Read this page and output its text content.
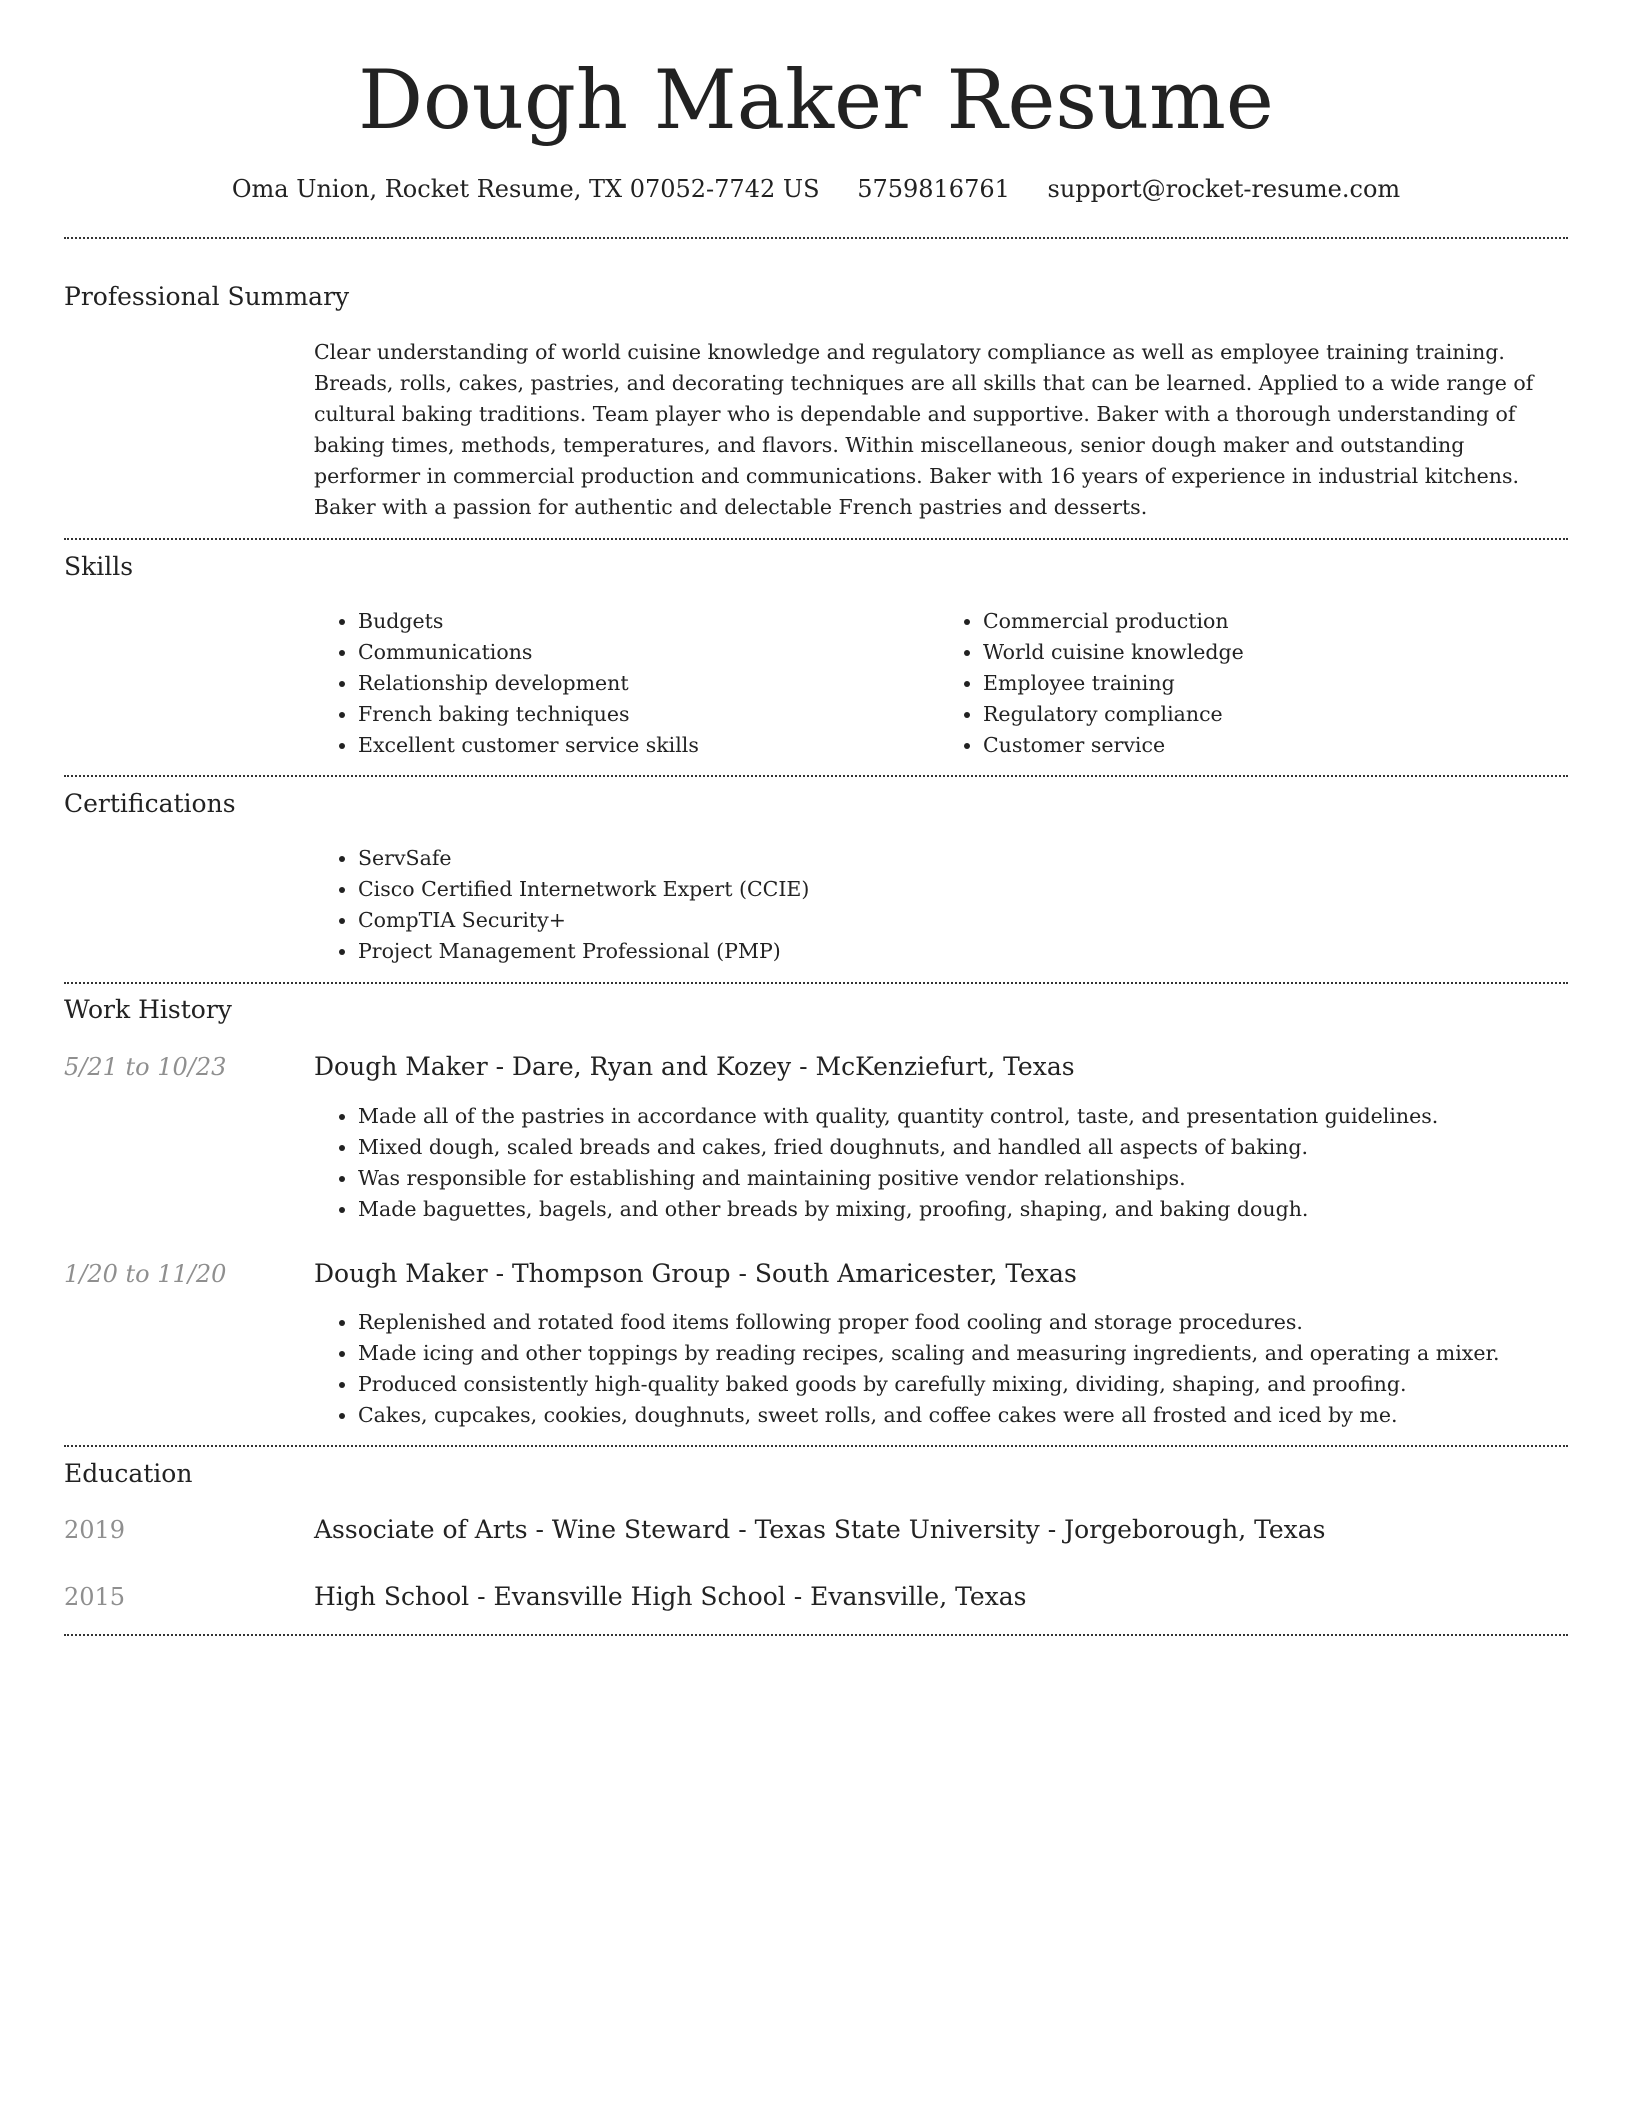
Dough Maker Resume
Oma Union, Rocket Resume, TX 07052-7742 US 5759816761 support@rocket-resume.com
Professional Summary

Clear understanding of world cuisine knowledge and regulatory compliance as well as employee training training. Breads, rolls, cakes, pastries, and decorating techniques are all skills that can be learned. Applied to a wide range of cultural baking traditions. Team player who is dependable and supportive. Baker with a thorough understanding of baking times, methods, temperatures, and flavors. Within miscellaneous, senior dough maker and outstanding performer in commercial production and communications. Baker with 16 years of experience in industrial kitchens. Baker with a passion for authentic and delectable French pastries and desserts.

Skills
• Budgets
• Communications
• Relationship development
• French baking techniques
• Excellent customer service skills
• Commercial production
• World cuisine knowledge
• Employee training
• Regulatory compliance
• Customer service
Certifications
• ServSafe
• Cisco Certified Internetwork Expert (CCIE)
• CompTIA Security+
• Project Management Professional (PMP)
Work History
5/21 to 10/23	Dough Maker - Dare, Ryan and Kozey - McKenziefurt, Texas
• Made all of the pastries in accordance with quality, quantity control, taste, and presentation guidelines.
• Mixed dough, scaled breads and cakes, fried doughnuts, and handled all aspects of baking.
• Was responsible for establishing and maintaining positive vendor relationships.
• Made baguettes, bagels, and other breads by mixing, proofing, shaping, and baking dough.
1/20 to 11/20	Dough Maker - Thompson Group - South Amaricester, Texas
• Replenished and rotated food items following proper food cooling and storage procedures.
• Made icing and other toppings by reading recipes, scaling and measuring ingredients, and operating a mixer.
• Produced consistently high-quality baked goods by carefully mixing, dividing, shaping, and proofing.
• Cakes, cupcakes, cookies, doughnuts, sweet rolls, and coffee cakes were all frosted and iced by me.
Education
2019	Associate of Arts - Wine Steward - Texas State University - Jorgeborough, Texas
2015	High School - Evansville High School - Evansville, Texas
